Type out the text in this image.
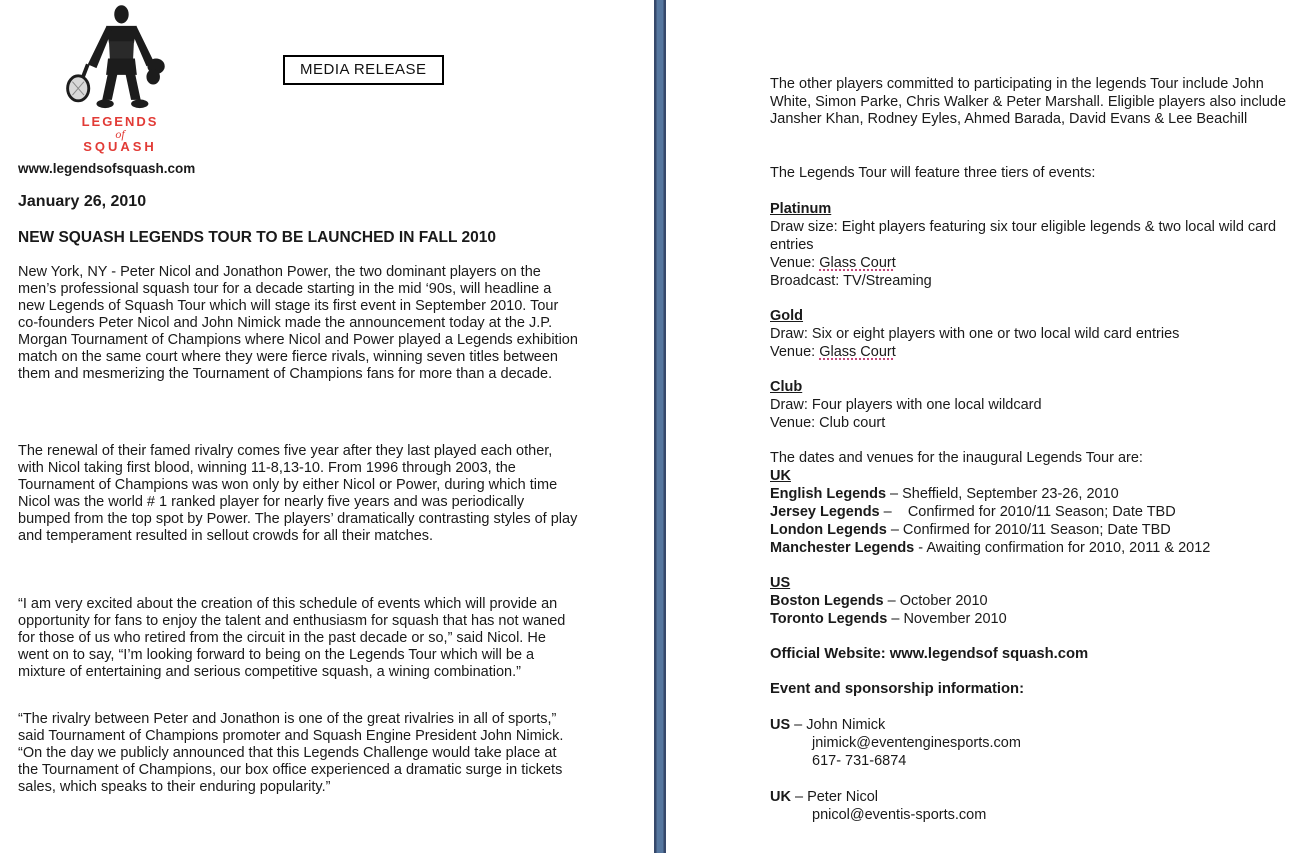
LEGENDS
of
SQUASH
MEDIA RELEASE
www.legendsofsquash.com
January 26, 2010
NEW SQUASH LEGENDS TOUR TO BE LAUNCHED IN FALL 2010

New York, NY - Peter Nicol and Jonathon Power, the two dominant players on the men’s professional squash tour for a decade starting in the mid ‘90s, will headline a new Legends of Squash Tour which will stage its first event in September 2010. Tour co-founders Peter Nicol and John Nimick made the announcement today at the J.P. Morgan Tournament of Champions where Nicol and Power played a Legends exhibition match on the same court where they were fierce rivals, winning seven titles between them and mesmerizing the Tournament of Champions fans for more than a decade.

The renewal of their famed rivalry comes five year after they last played each other, with Nicol taking first blood, winning 11-8,13-10. From 1996 through 2003, the Tournament of Champions was won only by either Nicol or Power, during which time Nicol was the world # 1 ranked player for nearly five years and was periodically bumped from the top spot by Power. The players’ dramatically contrasting styles of play and temperament resulted in sellout crowds for all their matches.

“I am very excited about the creation of this schedule of events which will provide an opportunity for fans to enjoy the talent and enthusiasm for squash that has not waned for those of us who retired from the circuit in the past decade or so,” said Nicol. He went on to say, “I’m looking forward to being on the Legends Tour which will be a mixture of entertaining and serious competitive squash, a wining combination.”

“The rivalry between Peter and Jonathon is one of the great rivalries in all of sports,” said Tournament of Champions promoter and Squash Engine President John Nimick. “On the day we publicly announced that this Legends Challenge would take place at the Tournament of Champions, our box office experienced a dramatic surge in tickets sales, which speaks to their enduring popularity.”

The other players committed to participating in the legends Tour include John White, Simon Parke, Chris Walker & Peter Marshall. Eligible players also include Jansher Khan, Rodney Eyles, Ahmed Barada, David Evans & Lee Beachill

The Legends Tour will feature three tiers of events:

Platinum
Draw size: Eight players featuring six tour eligible legends & two local wild card entries
Venue: Glass Court
Broadcast: TV/Streaming
Gold
Draw: Six or eight players with one or two local wild card entries
Venue: Glass Court
Club
Draw: Four players with one local wildcard
Venue: Club court
The dates and venues for the inaugural Legends Tour are:
UK
English Legends – Sheffield, September 23-26, 2010
Jersey Legends –    Confirmed for 2010/11 Season; Date TBD
London Legends – Confirmed for 2010/11 Season; Date TBD
Manchester Legends - Awaiting confirmation for 2010, 2011 & 2012
US
Boston Legends – October 2010
Toronto Legends – November 2010
Official Website: www.legendsof squash.com
Event and sponsorship information:
US – John Nimick
jnimick@eventenginesports.com
617- 731-6874
UK – Peter Nicol
pnicol@eventis-sports.com
